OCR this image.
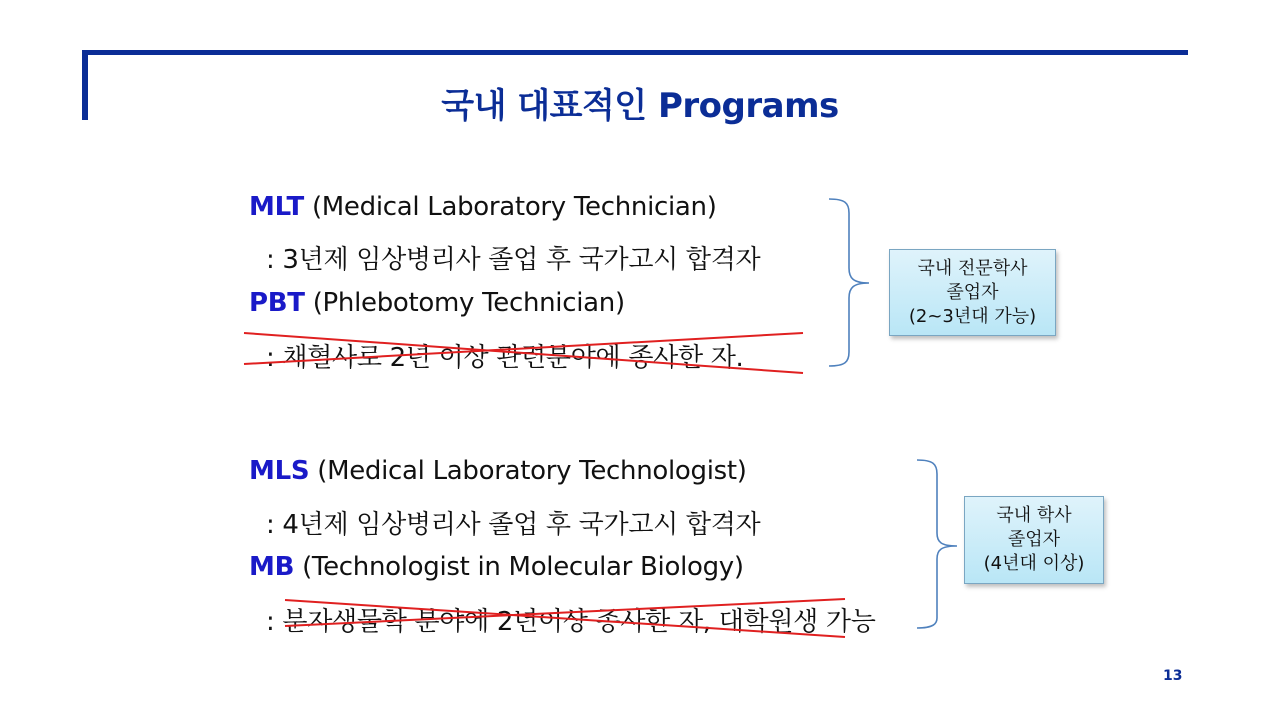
국내 대표적인 Programs
MLT (Medical Laboratory Technician)
: 3년제 임상병리사 졸업 후 국가고시 합격자
PBT (Phlebotomy Technician)
: 채혈사로 2년 이상 관련분야에 종사한 자.
국내 전문학사
졸업자
(2~3년대 가능)
MLS (Medical Laboratory Technologist)
: 4년제 임상병리사 졸업 후 국가고시 합격자
MB (Technologist in Molecular Biology)
: 분자생물학 분야에 2년이상 종사한 자, 대학원생 가능
국내 학사
졸업자
(4년대 이상)
13
